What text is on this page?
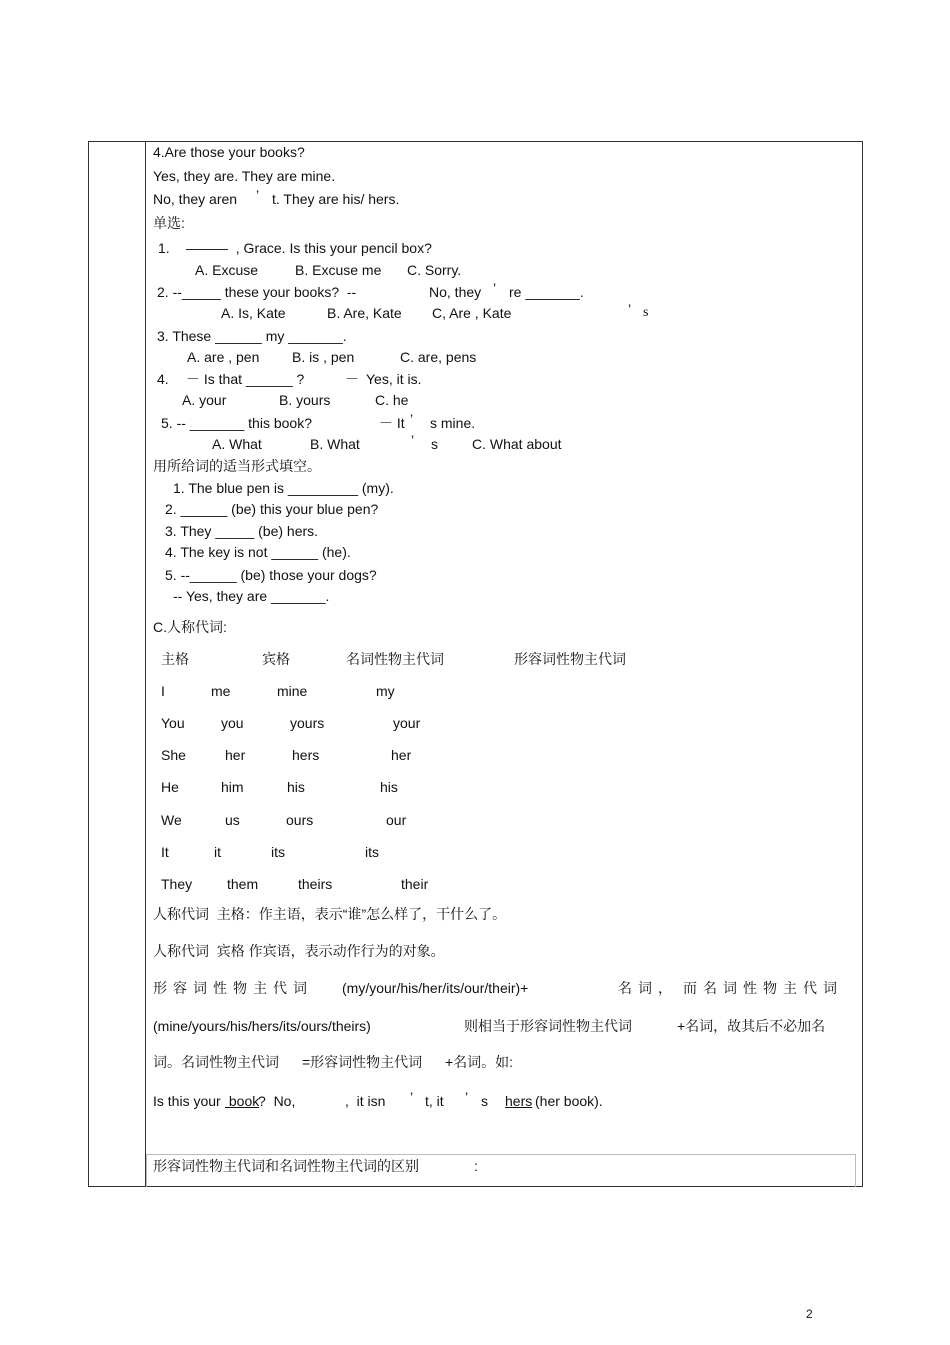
4.Are those your books?
Yes, they are. They are mine.
No, they aren ’ t. They are his/ hers.
单选:
1. ———  , Grace. Is this your pencil box?
A. Excuse	B. Excuse me C. Sorry.
2. --_____ these your books?  --	No, they ’ re _______.
A. Is, Kate	B. Are, Kate C, Are , Kate	’ s
3. These ______ my _______.
A. are , pen B. is , pen	C. are, pens
4. － Is that ______ ?	－ Yes, it is.
A. your	B. yours	C. he
5. -- _______ this book?	－ It ’ s mine.
A. What	B. What	’ s C. What about
用所给词的适当形式填空。
1. The blue pen is _________ (my).
2. ______ (be) this your blue pen?
3. They _____ (be) hers.
4. The key is not ______ (he).
5. --______ (be) those your dogs?
-- Yes, they are _______.
C.人称代词:
主格	宾格	名词性物主代词	形容词性物主代词
I	me	mine	my
You	you	yours	your
She	her	hers	her
He	him	his	his
We	us	ours	our
It	it	its	its
They them	theirs	their
人称代词  主格：作主语，表示“谁”怎么样了，干什么了。
人称代词  宾格 作宾语，表示动作行为的对象。
形容词性物主代词 (my/your/his/her/its/our/their)+	名词， 而名词性物主代词
(mine/yours/his/hers/its/ours/theirs)	则相当于形容词性物主代词	+名词，故其后不必加名
词。名词性物主代词 =形容词性物主代词 +名词。如:
Is this your book
?  No,	,  it isn ’ t, it ’ s hers (her book).
形容词性物主代词和名词性物主代词的区别	:
2
